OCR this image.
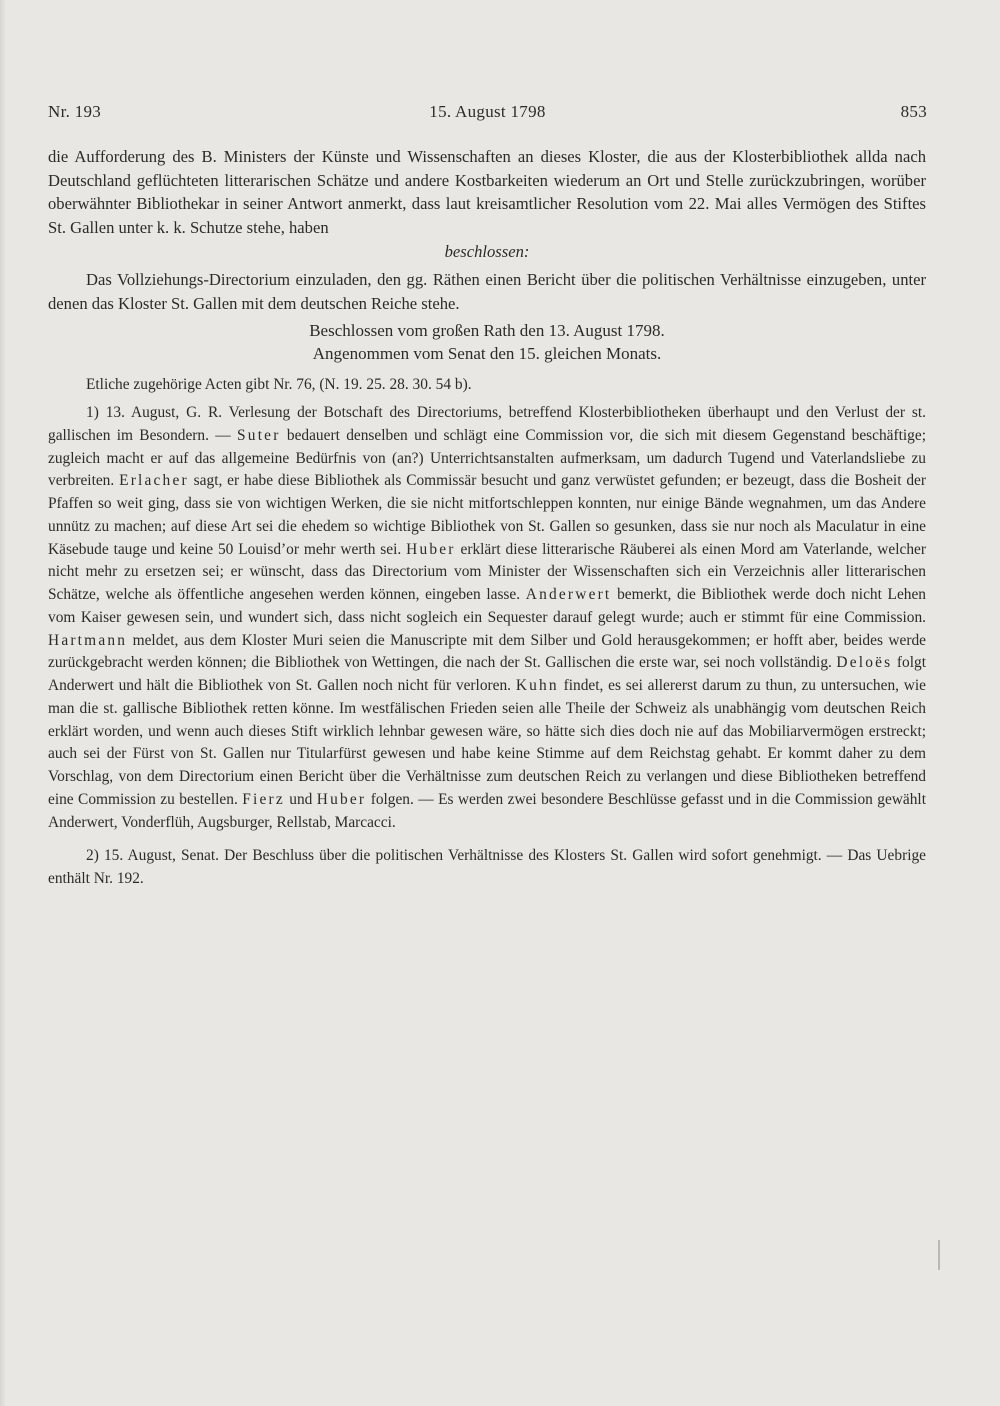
Nr. 193	15. August 1798	853

die Aufforderung des B. Ministers der Künste und Wissenschaften an dieses Kloster, die aus der Klosterbibliothek allda nach Deutschland geflüchteten litterarischen Schätze und andere Kostbarkeiten wiederum an Ort und Stelle zurückzubringen, worüber oberwähnter Bibliothekar in seiner Antwort anmerkt, dass laut kreisamtlicher Resolution vom 22. Mai alles Vermögen des Stiftes St. Gallen unter k. k. Schutze stehe, haben

beschlossen:

Das Vollziehungs-Directorium einzuladen, den gg. Räthen einen Bericht über die politischen Verhältnisse einzugeben, unter denen das Kloster St. Gallen mit dem deutschen Reiche stehe.

Beschlossen vom großen Rath den 13. August 1798.

Angenommen vom Senat den 15. gleichen Monats.

Etliche zugehörige Acten gibt Nr. 76, (N. 19. 25. 28. 30. 54 b).

1) 13. August, G. R. Verlesung der Botschaft des Directoriums, betreffend Klosterbibliotheken überhaupt und den Verlust der st. gallischen im Besondern. — Suter bedauert denselben und schlägt eine Commission vor, die sich mit diesem Gegenstand beschäftige; zugleich macht er auf das allgemeine Bedürfnis von (an?) Unterrichtsanstalten aufmerksam, um dadurch Tugend und Vaterlandsliebe zu verbreiten. Erlacher sagt, er habe diese Bibliothek als Commissär besucht und ganz verwüstet gefunden; er bezeugt, dass die Bosheit der Pfaffen so weit ging, dass sie von wichtigen Werken, die sie nicht mitfortschleppen konnten, nur einige Bände wegnahmen, um das Andere unnütz zu machen; auf diese Art sei die ehedem so wichtige Bibliothek von St. Gallen so gesunken, dass sie nur noch als Maculatur in eine Käsebude tauge und keine 50 Louisd’or mehr werth sei. Huber erklärt diese litterarische Räuberei als einen Mord am Vaterlande, welcher nicht mehr zu ersetzen sei; er wünscht, dass das Directorium vom Minister der Wissenschaften sich ein Verzeichnis aller litterarischen Schätze, welche als öffentliche angesehen werden können, eingeben lasse. Anderwert bemerkt, die Bibliothek werde doch nicht Lehen vom Kaiser gewesen sein, und wundert sich, dass nicht sogleich ein Sequester darauf gelegt wurde; auch er stimmt für eine Commission. Hartmann meldet, aus dem Kloster Muri seien die Manuscripte mit dem Silber und Gold herausgekommen; er hofft aber, beides werde zurückgebracht werden können; die Bibliothek von Wettingen, die nach der St. Gallischen die erste war, sei noch vollständig. Deloës folgt Anderwert und hält die Bibliothek von St. Gallen noch nicht für verloren. Kuhn findet, es sei allererst darum zu thun, zu untersuchen, wie man die st. gallische Bibliothek retten könne. Im westfälischen Frieden seien alle Theile der Schweiz als unabhängig vom deutschen Reich erklärt worden, und wenn auch dieses Stift wirklich lehnbar gewesen wäre, so hätte sich dies doch nie auf das Mobiliarvermögen erstreckt; auch sei der Fürst von St. Gallen nur Titularfürst gewesen und habe keine Stimme auf dem Reichstag gehabt. Er kommt daher zu dem Vorschlag, von dem Directorium einen Bericht über die Verhältnisse zum deutschen Reich zu verlangen und diese Bibliotheken betreffend eine Commission zu bestellen. Fierz und Huber folgen. — Es werden zwei besondere Beschlüsse gefasst und in die Commission gewählt Anderwert, Vonderflüh, Augsburger, Rellstab, Marcacci.

2) 15. August, Senat. Der Beschluss über die politischen Verhältnisse des Klosters St. Gallen wird sofort genehmigt. — Das Uebrige enthält Nr. 192.
